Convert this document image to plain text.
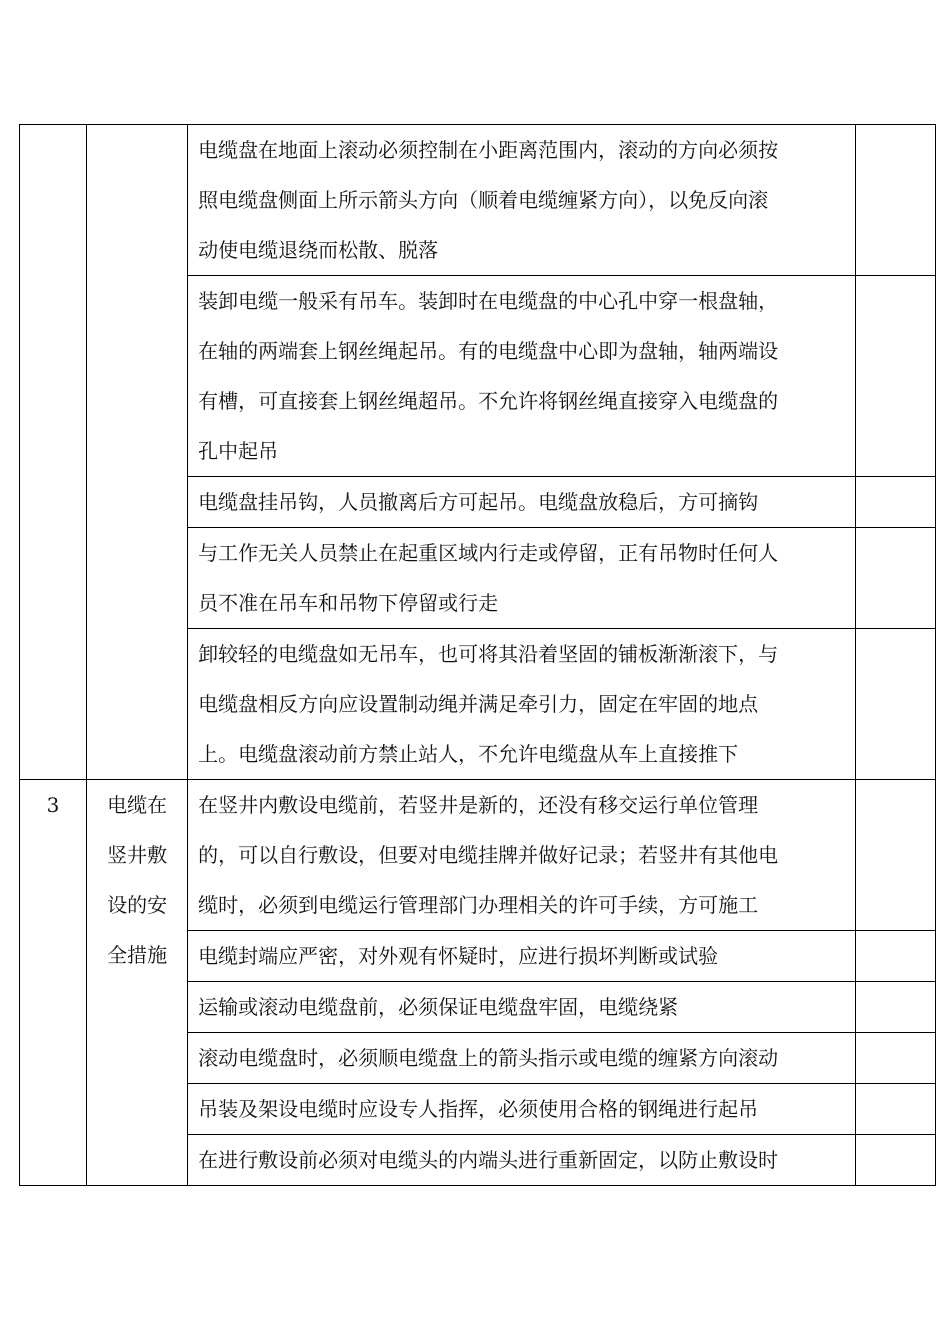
		电缆盘在地面上滚动必须控制在小距离范围内，滚动的方向必须按
照电缆盘侧面上所示箭头方向（顺着电缆缠紧方向），以免反向滚
动使电缆退绕而松散、脱落	

		装卸电缆一般采有吊车。装卸时在电缆盘的中心孔中穿一根盘轴，
在轴的两端套上钢丝绳起吊。有的电缆盘中心即为盘轴，轴两端设
有槽，可直接套上钢丝绳超吊。不允许将钢丝绳直接穿入电缆盘的
孔中起吊	

		电缆盘挂吊钩，人员撤离后方可起吊。电缆盘放稳后，方可摘钩	

		与工作无关人员禁止在起重区域内行走或停留，正有吊物时任何人
员不准在吊车和吊物下停留或行走	

		卸较轻的电缆盘如无吊车，也可将其沿着坚固的铺板渐渐滚下，与
电缆盘相反方向应设置制动绳并满足牵引力，固定在牢固的地点
上。电缆盘滚动前方禁止站人，不允许电缆盘从车上直接推下	

3	电缆在
竖井敷
设的安
全措施	在竖井内敷设电缆前，若竖井是新的，还没有移交运行单位管理
的，可以自行敷设，但要对电缆挂牌并做好记录；若竖井有其他电
缆时，必须到电缆运行管理部门办理相关的许可手续，方可施工	

		电缆封端应严密，对外观有怀疑时，应进行损坏判断或试验	

		运输或滚动电缆盘前，必须保证电缆盘牢固，电缆绕紧	

		滚动电缆盘时，必须顺电缆盘上的箭头指示或电缆的缠紧方向滚动	

		吊装及架设电缆时应设专人指挥，必须使用合格的钢绳进行起吊	

		在进行敷设前必须对电缆头的内端头进行重新固定，以防止敷设时	
